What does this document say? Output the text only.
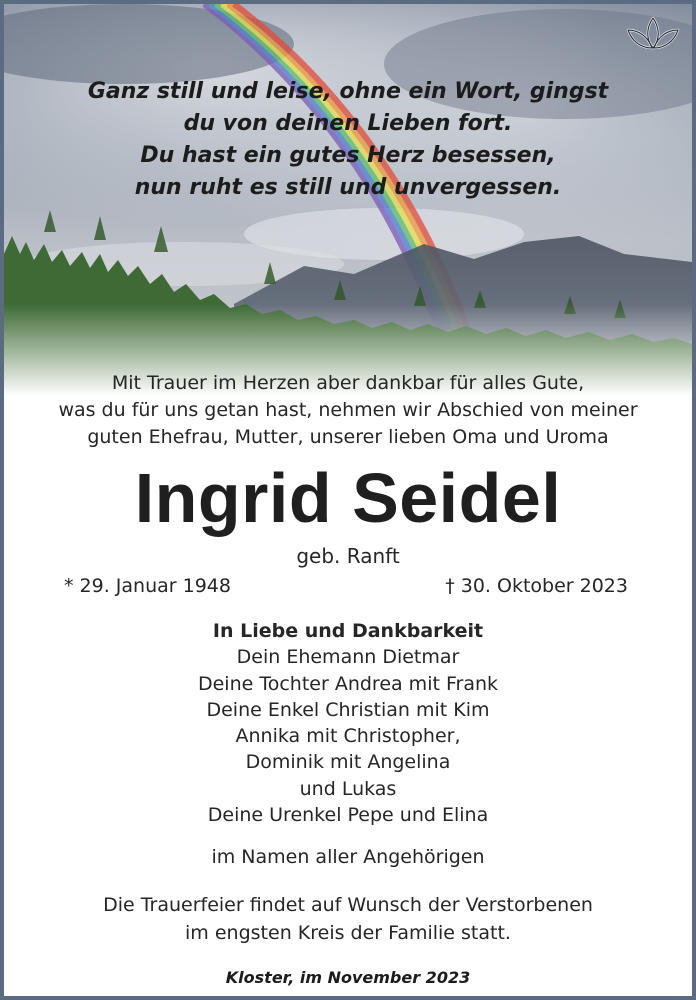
Ganz still und leise, ohne ein Wort, gingst
du von deinen Lieben fort.
Du hast ein gutes Herz besessen,
nun ruht es still und unvergessen.
Mit Trauer im Herzen aber dankbar für alles Gute,
was du für uns getan hast, nehmen wir Abschied von meiner
guten Ehefrau, Mutter, unserer lieben Oma und Uroma
Ingrid Seidel
geb. Ranft
* 29. Januar 1948	† 30. Oktober 2023
In Liebe und Dankbarkeit
Dein Ehemann Dietmar
Deine Tochter Andrea mit Frank
Deine Enkel Christian mit Kim
Annika mit Christopher,
Dominik mit Angelina
und Lukas
Deine Urenkel Pepe und Elina
im Namen aller Angehörigen
Die Trauerfeier findet auf Wunsch der Verstorbenen
im engsten Kreis der Familie statt.
Kloster, im November 2023
